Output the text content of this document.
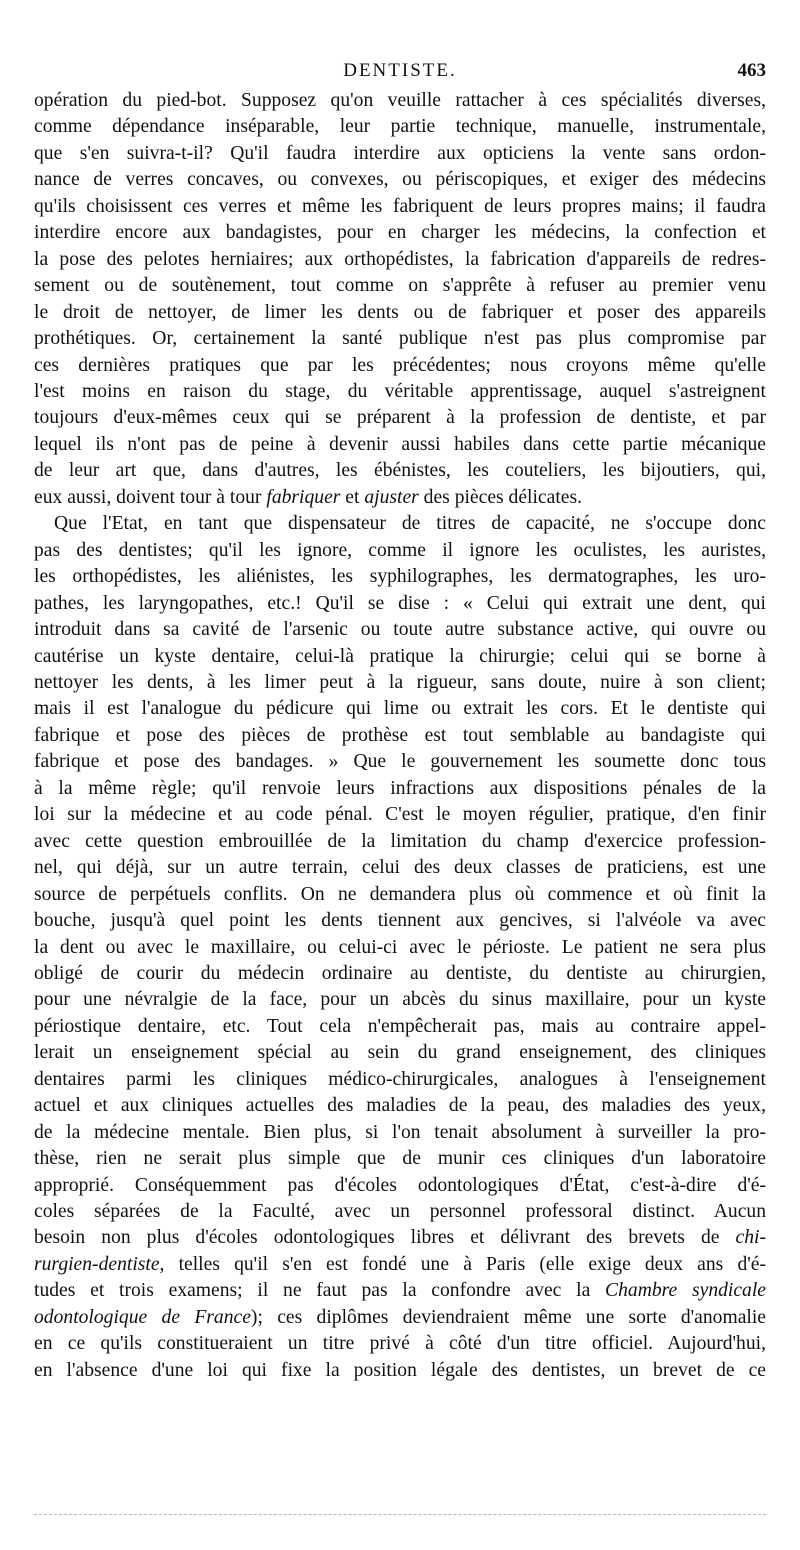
DENTISTE.	463

opération du pied-bot. Supposez qu'on veuille rattacher à ces spécialités diverses,

comme dépendance inséparable, leur partie technique, manuelle, instrumentale,

que s'en suivra-t-il? Qu'il faudra interdire aux opticiens la vente sans ordon-

nance de verres concaves, ou convexes, ou périscopiques, et exiger des médecins

qu'ils choisissent ces verres et même les fabriquent de leurs propres mains; il faudra

interdire encore aux bandagistes, pour en charger les médecins, la confection et

la pose des pelotes herniaires; aux orthopédistes, la fabrication d'appareils de redres-

sement ou de soutènement, tout comme on s'apprête à refuser au premier venu

le droit de nettoyer, de limer les dents ou de fabriquer et poser des appareils

prothétiques. Or, certainement la santé publique n'est pas plus compromise par

ces dernières pratiques que par les précédentes; nous croyons même qu'elle

l'est moins en raison du stage, du véritable apprentissage, auquel s'astreignent

toujours d'eux-mêmes ceux qui se préparent à la profession de dentiste, et par

lequel ils n'ont pas de peine à devenir aussi habiles dans cette partie mécanique

de leur art que, dans d'autres, les ébénistes, les couteliers, les bijoutiers, qui,

eux aussi, doivent tour à tour fabriquer et ajuster des pièces délicates.

Que l'Etat, en tant que dispensateur de titres de capacité, ne s'occupe donc

pas des dentistes; qu'il les ignore, comme il ignore les oculistes, les auristes,

les orthopédistes, les aliénistes, les syphilographes, les dermatographes, les uro-

pathes, les laryngopathes, etc.! Qu'il se dise : « Celui qui extrait une dent, qui

introduit dans sa cavité de l'arsenic ou toute autre substance active, qui ouvre ou

cautérise un kyste dentaire, celui-là pratique la chirurgie; celui qui se borne à

nettoyer les dents, à les limer peut à la rigueur, sans doute, nuire à son client;

mais il est l'analogue du pédicure qui lime ou extrait les cors. Et le dentiste qui

fabrique et pose des pièces de prothèse est tout semblable au bandagiste qui

fabrique et pose des bandages. » Que le gouvernement les soumette donc tous

à la même règle; qu'il renvoie leurs infractions aux dispositions pénales de la

loi sur la médecine et au code pénal. C'est le moyen régulier, pratique, d'en finir

avec cette question embrouillée de la limitation du champ d'exercice profession-

nel, qui déjà, sur un autre terrain, celui des deux classes de praticiens, est une

source de perpétuels conflits. On ne demandera plus où commence et où finit la

bouche, jusqu'à quel point les dents tiennent aux gencives, si l'alvéole va avec

la dent ou avec le maxillaire, ou celui-ci avec le périoste. Le patient ne sera plus

obligé de courir du médecin ordinaire au dentiste, du dentiste au chirurgien,

pour une névralgie de la face, pour un abcès du sinus maxillaire, pour un kyste

périostique dentaire, etc. Tout cela n'empêcherait pas, mais au contraire appel-

lerait un enseignement spécial au sein du grand enseignement, des cliniques

dentaires parmi les cliniques médico-chirurgicales, analogues à l'enseignement

actuel et aux cliniques actuelles des maladies de la peau, des maladies des yeux,

de la médecine mentale. Bien plus, si l'on tenait absolument à surveiller la pro-

thèse, rien ne serait plus simple que de munir ces cliniques d'un laboratoire

approprié. Conséquemment pas d'écoles odontologiques d'État, c'est-à-dire d'é-

coles séparées de la Faculté, avec un personnel professoral distinct. Aucun

besoin non plus d'écoles odontologiques libres et délivrant des brevets de chi-

rurgien-dentiste, telles qu'il s'en est fondé une à Paris (elle exige deux ans d'é-

tudes et trois examens; il ne faut pas la confondre avec la Chambre syndicale

odontologique de France); ces diplômes deviendraient même une sorte d'anomalie

en ce qu'ils constitueraient un titre privé à côté d'un titre officiel. Aujourd'hui,

en l'absence d'une loi qui fixe la position légale des dentistes, un brevet de ce
